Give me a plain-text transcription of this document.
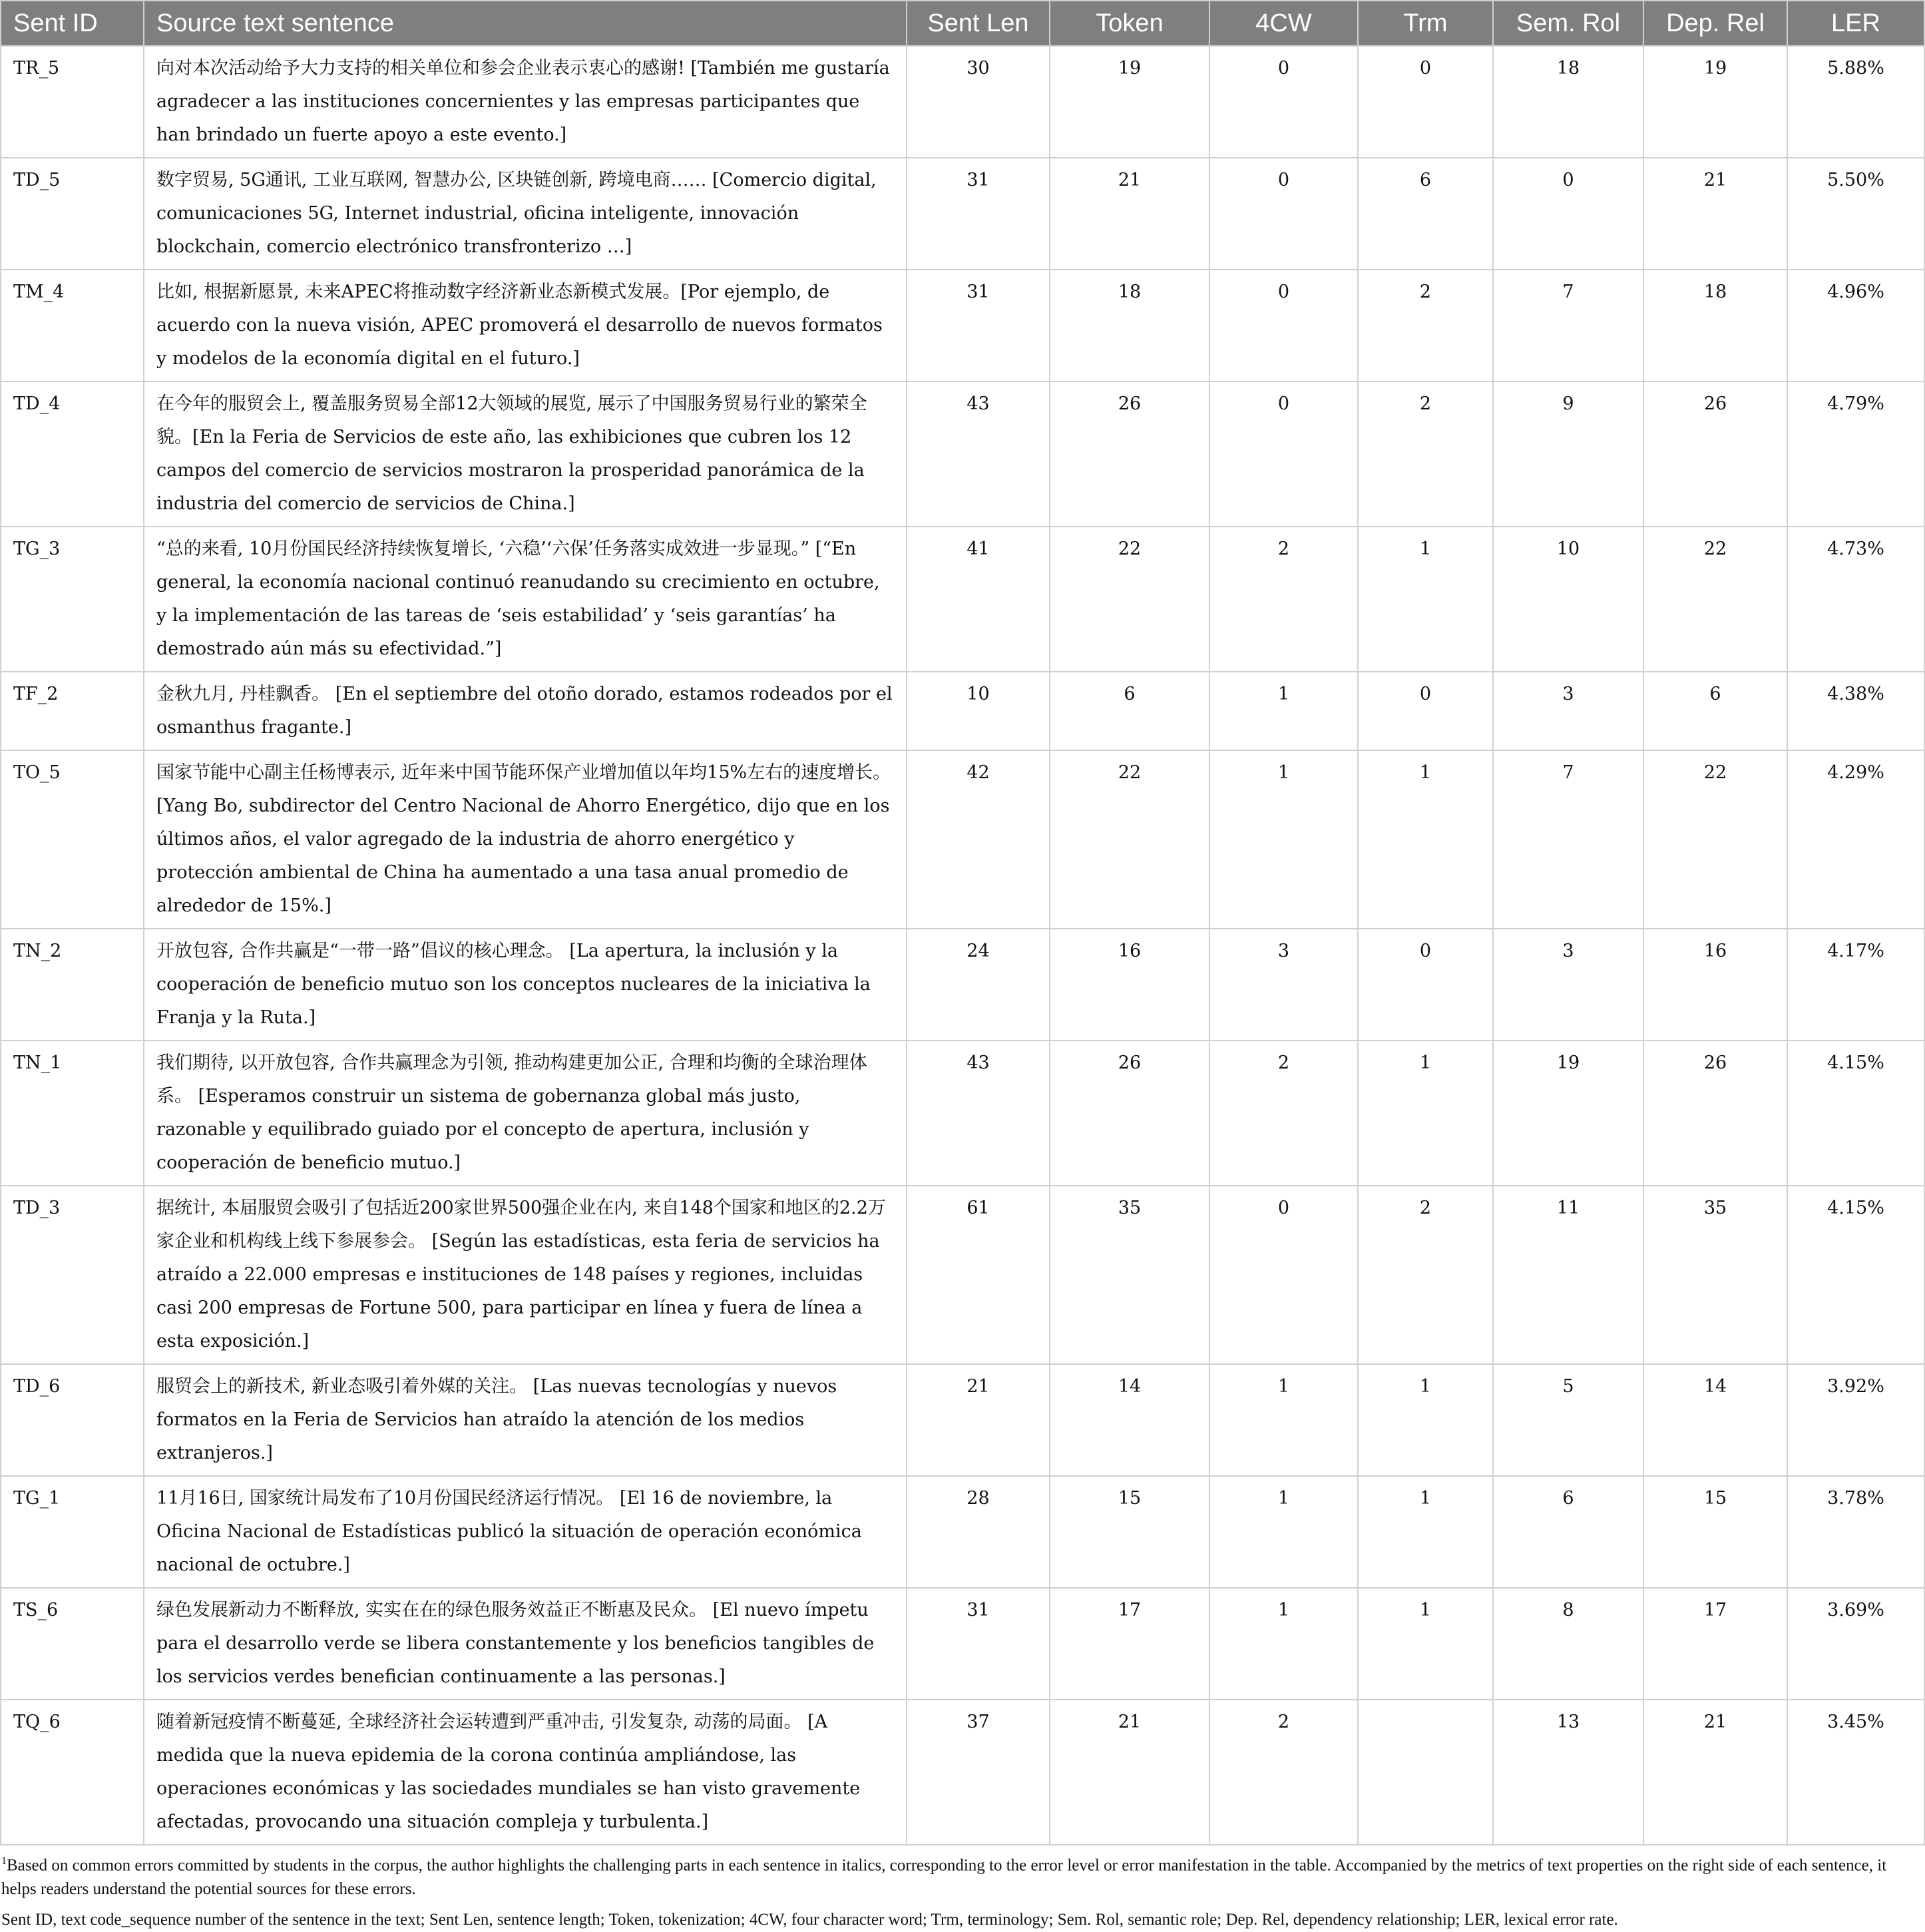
Sent ID	Source text sentence	Sent Len	Token	4CW	Trm	Sem. Rol	Dep. Rel	LER
TR_5	向对本次活动给予大力支持的相关单位和参会企业表示衷心的感谢! [También me gustaría agradecer a las instituciones concernientes y las empresas participantes que han brindado un fuerte apoyo a este evento.]	30	19	0	0	18	19	5.88%
TD_5	数字贸易, 5G通讯, 工业互联网, 智慧办公, 区块链创新, 跨境电商…… [Comercio digital, comunicaciones 5G, Internet industrial, oficina inteligente, innovación blockchain, comercio electrónico transfronterizo …]	31	21	0	6	0	21	5.50%
TM_4	比如, 根据新愿景, 未来APEC将推动数字经济新业态新模式发展。[Por ejemplo, de acuerdo con la nueva visión, APEC promoverá el desarrollo de nuevos formatos y modelos de la economía digital en el futuro.]	31	18	0	2	7	18	4.96%
TD_4	在今年的服贸会上, 覆盖服务贸易全部12大领域的展览, 展示了中国服务贸易行业的繁荣全貌。[En la Feria de Servicios de este año, las exhibiciones que cubren los 12 campos del comercio de servicios mostraron la prosperidad panorámica de la industria del comercio de servicios de China.]	43	26	0	2	9	26	4.79%
TG_3	“总的来看, 10月份国民经济持续恢复增长, ‘六稳’‘六保’任务落实成效进一步显现。” [“En general, la economía nacional continuó reanudando su crecimiento en octubre, y la implementación de las tareas de ‘seis estabilidad’ y ‘seis garantías’ ha demostrado aún más su efectividad.”]	41	22	2	1	10	22	4.73%
TF_2	金秋九月, 丹桂飘香。 [En el septiembre del otoño dorado, estamos rodeados por el osmanthus fragante.]	10	6	1	0	3	6	4.38%
TO_5	国家节能中心副主任杨博表示, 近年来中国节能环保产业增加值以年均15%左右的速度增长。 [Yang Bo, subdirector del Centro Nacional de Ahorro Energético, dijo que en los últimos años, el valor agregado de la industria de ahorro energético y protección ambiental de China ha aumentado a una tasa anual promedio de alrededor de 15%.]	42	22	1	1	7	22	4.29%
TN_2	开放包容, 合作共赢是“一带一路”倡议的核心理念。 [La apertura, la inclusión y la cooperación de beneficio mutuo son los conceptos nucleares de la iniciativa la Franja y la Ruta.]	24	16	3	0	3	16	4.17%
TN_1	我们期待, 以开放包容, 合作共赢理念为引领, 推动构建更加公正, 合理和均衡的全球治理体系。 [Esperamos construir un sistema de gobernanza global más justo, razonable y equilibrado guiado por el concepto de apertura, inclusión y cooperación de beneficio mutuo.]	43	26	2	1	19	26	4.15%
TD_3	据统计, 本届服贸会吸引了包括近200家世界500强企业在内, 来自148个国家和地区的2.2万家企业和机构线上线下参展参会。 [Según las estadísticas, esta feria de servicios ha atraído a 22.000 empresas e instituciones de 148 países y regiones, incluidas casi 200 empresas de Fortune 500, para participar en línea y fuera de línea a esta exposición.]	61	35	0	2	11	35	4.15%
TD_6	服贸会上的新技术, 新业态吸引着外媒的关注。 [Las nuevas tecnologías y nuevos formatos en la Feria de Servicios han atraído la atención de los medios extranjeros.]	21	14	1	1	5	14	3.92%
TG_1	11月16日, 国家统计局发布了10月份国民经济运行情况。 [El 16 de noviembre, la Oficina Nacional de Estadísticas publicó la situación de operación económica nacional de octubre.]	28	15	1	1	6	15	3.78%
TS_6	绿色发展新动力不断释放, 实实在在的绿色服务效益正不断惠及民众。 [El nuevo ímpetu para el desarrollo verde se libera constantemente y los beneficios tangibles de los servicios verdes benefician continuamente a las personas.]	31	17	1	1	8	17	3.69%
TQ_6	随着新冠疫情不断蔓延, 全球经济社会运转遭到严重冲击, 引发复杂, 动荡的局面。 [A medida que la nueva epidemia de la corona continúa ampliándose, las operaciones económicas y las sociedades mundiales se han visto gravemente afectadas, provocando una situación compleja y turbulenta.]	37	21	2		13	21	3.45%

$^1$Based on common errors committed by students in the corpus, the author highlights the challenging parts in each sentence in italics, corresponding to the error level or error manifestation in the table. Accompanied by the metrics of text properties on the right side of each sentence, it helps readers understand the potential sources for these errors.

Sent ID, text code_sequence number of the sentence in the text; Sent Len, sentence length; Token, tokenization; 4CW, four character word; Trm, terminology; Sem. Rol, semantic role; Dep. Rel, dependency relationship; LER, lexical error rate.
